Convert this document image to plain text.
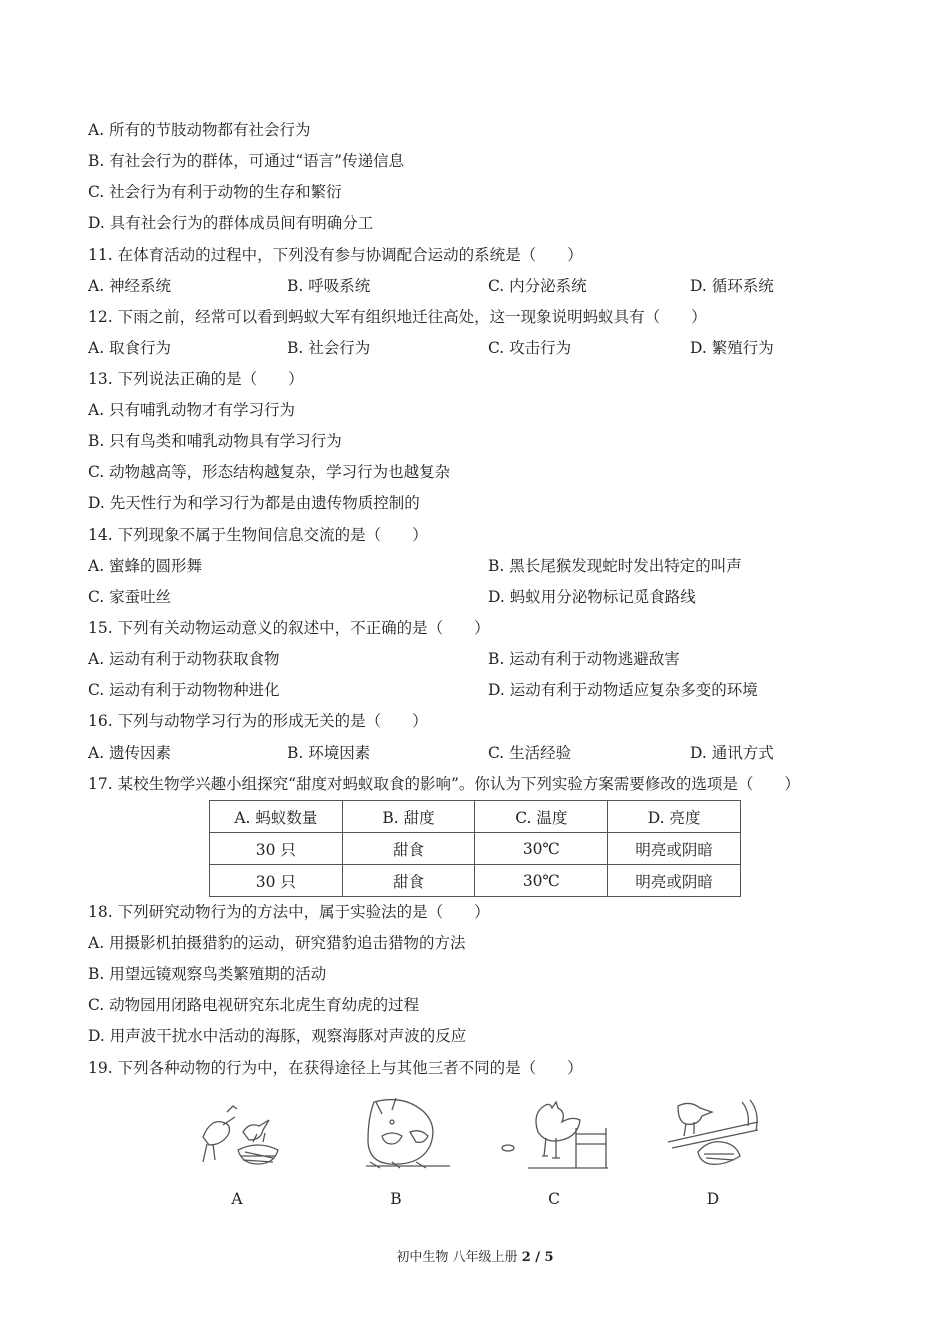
A. 所有的节肢动物都有社会行为
B. 有社会行为的群体，可通过“语言”传递信息
C. 社会行为有利于动物的生存和繁衍
D. 具有社会行为的群体成员间有明确分工
11. 在体育活动的过程中，下列没有参与协调配合运动的系统是（　　）
A. 神经系统	B. 呼吸系统	C. 内分泌系统	D. 循环系统
12. 下雨之前，经常可以看到蚂蚁大军有组织地迁往高处，这一现象说明蚂蚁具有（　　）
A. 取食行为	B. 社会行为	C. 攻击行为	D. 繁殖行为
13. 下列说法正确的是（　　）
A. 只有哺乳动物才有学习行为
B. 只有鸟类和哺乳动物具有学习行为
C. 动物越高等，形态结构越复杂，学习行为也越复杂
D. 先天性行为和学习行为都是由遗传物质控制的
14. 下列现象不属于生物间信息交流的是（　　）
A. 蜜蜂的圆形舞	B. 黑长尾猴发现蛇时发出特定的叫声
C. 家蚕吐丝	D. 蚂蚁用分泌物标记觅食路线
15. 下列有关动物运动意义的叙述中，不正确的是（　　）
A. 运动有利于动物获取食物	B. 运动有利于动物逃避敌害
C. 运动有利于动物物种进化	D. 运动有利于动物适应复杂多变的环境
16. 下列与动物学习行为的形成无关的是（　　）
A. 遗传因素	B. 环境因素	C. 生活经验	D. 通讯方式
17. 某校生物学兴趣小组探究“甜度对蚂蚁取食的影响”。你认为下列实验方案需要修改的选项是（　　）
A. 蚂蚁数量	B. 甜度	C. 温度	D. 亮度
30 只	甜食	30℃	明亮或阴暗
30 只	甜食	30℃	明亮或阴暗
18. 下列研究动物行为的方法中，属于实验法的是（　　）
A. 用摄影机拍摄猎豹的运动，研究猎豹追击猎物的方法
B. 用望远镜观察鸟类繁殖期的活动
C. 动物园用闭路电视研究东北虎生育幼虎的过程
D. 用声波干扰水中活动的海豚，观察海豚对声波的反应
19. 下列各种动物的行为中，在获得途径上与其他三者不同的是（　　）
A	B	C	D
初中生物 八年级上册 2 / 5
